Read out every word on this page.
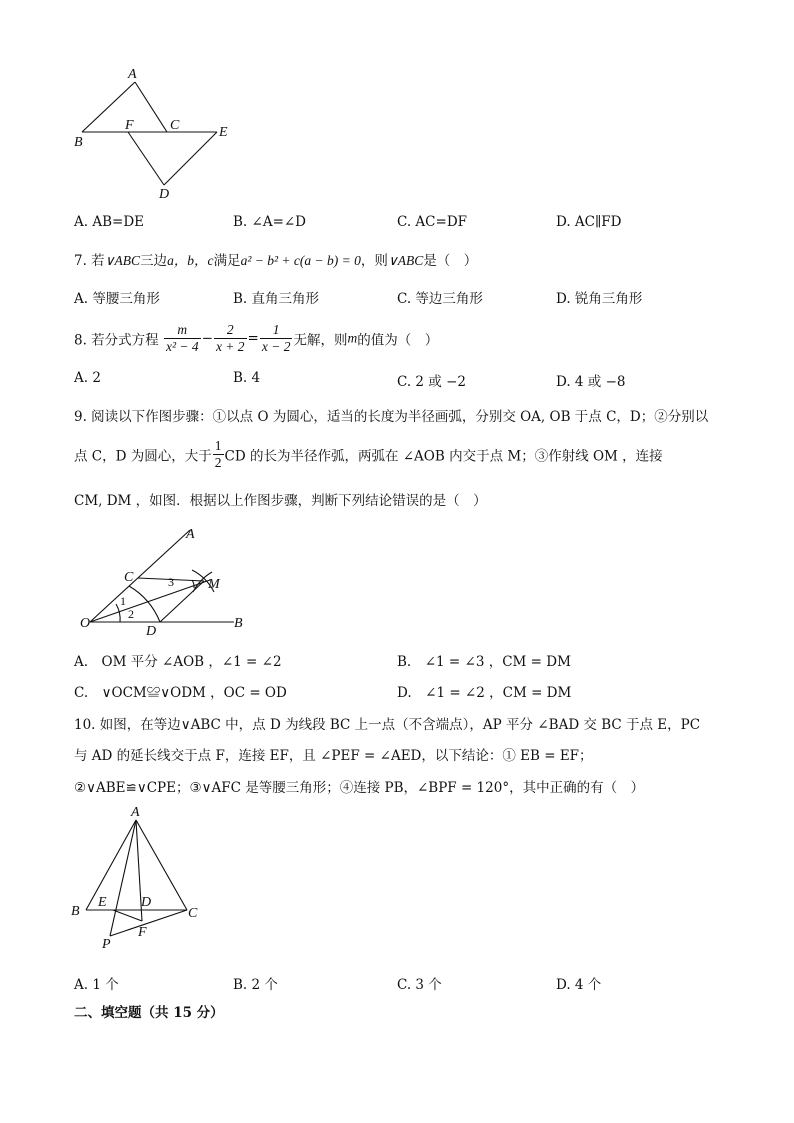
A
B
F	C	E
D
A. AB=DE	B. ∠A=∠D	C. AC=DF	D. AC∥FD
7. 若∨ABC三边a，b，c满足a² − b² + c(a − b) = 0，则∨ABC是（　）
A. 等腰三角形	B. 直角三角形	C. 等边三角形	D. 锐角三角形
8. 若分式方程 $\frac{m}{\text{x² − 4}} - \frac{2}{x + 2} = \frac{1}{x - 2}$ 无解，则m的值为（　）
A. 2	B. 4	C. 2 或 −2	D. 4 或 −8
9. 阅读以下作图步骤：①以点 O 为圆心，适当的长度为半径画弧，分别交 OA, OB 于点 C，D；②分别以
点 C，D 为圆心，大于 $\frac{1}{2}$ CD 的长为半径作弧，两弧在 ∠AOB 内交于点 M；③作射线 OM ，连接
CM, DM ，如图．根据以上作图步骤，判断下列结论错误的是（　）
A
C	M
O
D
B
1
2
3
A.　OM 平分 ∠AOB ，∠1 = ∠2	B.　∠1 = ∠3 ，CM = DM
C.　∨OCM≌∨ODM ，OC = OD	D.　∠1 = ∠2 ，CM = DM
10. 如图，在等边∨ABC 中，点 D 为线段 BC 上一点（不含端点），AP 平分 ∠BAD 交 BC 于点 E，PC
与 AD 的延长线交于点 F，连接 EF，且 ∠PEF = ∠AED，以下结论：① EB = EF；
②∨ABE≌∨CPE；③∨AFC 是等腰三角形；④连接 PB，∠BPF = 120°，其中正确的有（　）
A
B
E D
C
F
P
A. 1 个	B. 2 个	C. 3 个	D. 4 个
二、填空题（共 15 分）
